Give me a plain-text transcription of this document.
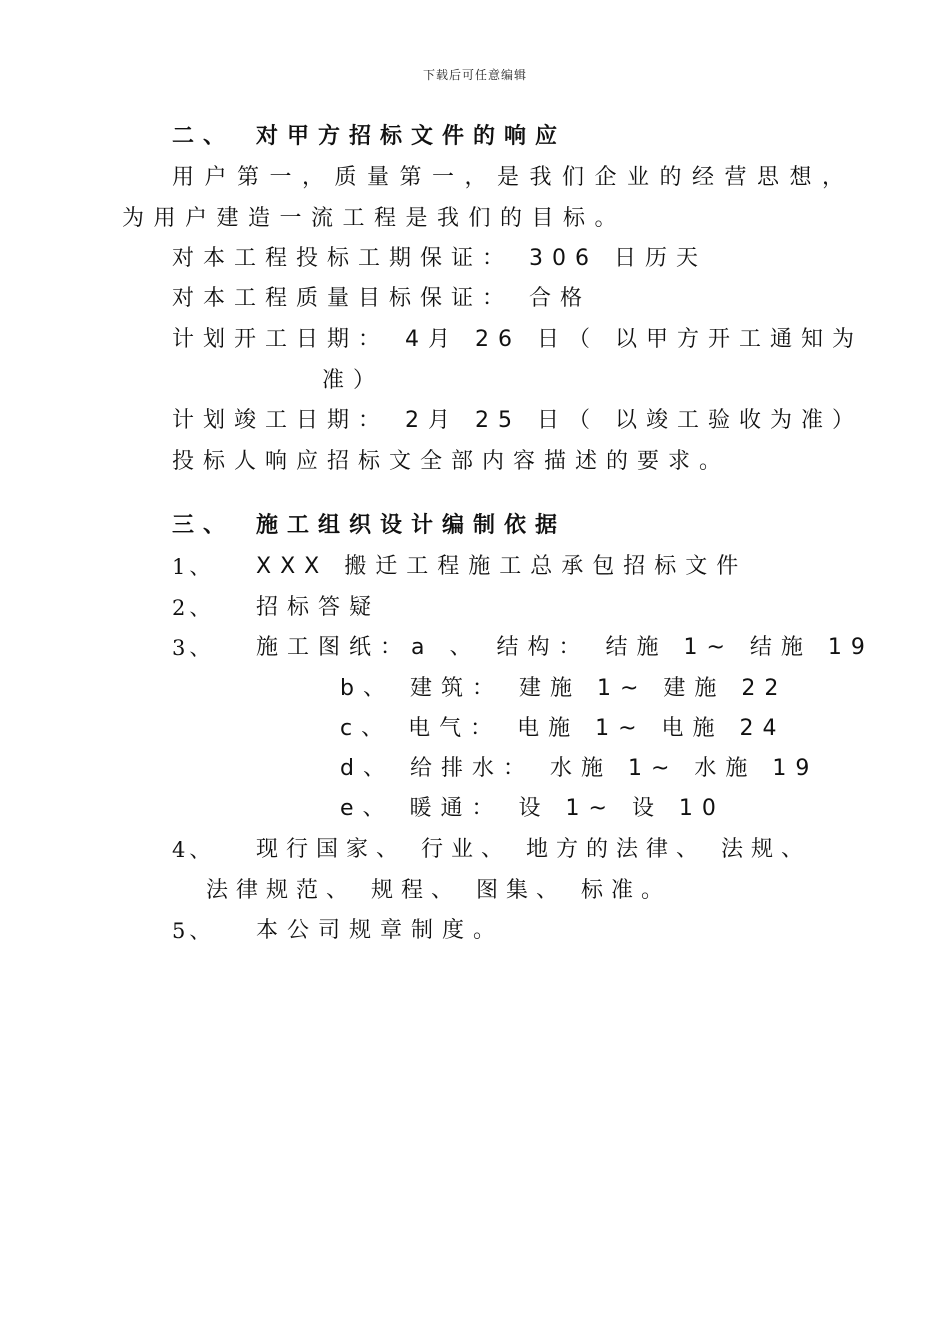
下载后可任意编辑
二、 对甲方招标文件的响应
用户第一，质量第一，是我们企业的经营思想，
为用户建造一流工程是我们的目标。
对本工程投标工期保证： 306 日历天
对本工程质量目标保证： 合格
计划开工日期： 4月 26 日（ 以甲方开工通知为
准）
计划竣工日期： 2月 25 日（ 以竣工验收为准）
投标人响应招标文全部内容描述的要求。
三、 施工组织设计编制依据
1、 XXX 搬迁工程施工总承包招标文件
2、 招标答疑
3、 施工图纸：a 、 结构： 结施 1~ 结施 19
b、 建筑： 建施 1~ 建施 22
c、 电气： 电施 1~ 电施 24
d、 给排水： 水施 1~ 水施 19
e、 暖通： 设 1~ 设 10
4、 现行国家、 行业、 地方的法律、 法规、
法律规范、 规程、 图集、 标准。
5、 本公司规章制度。
